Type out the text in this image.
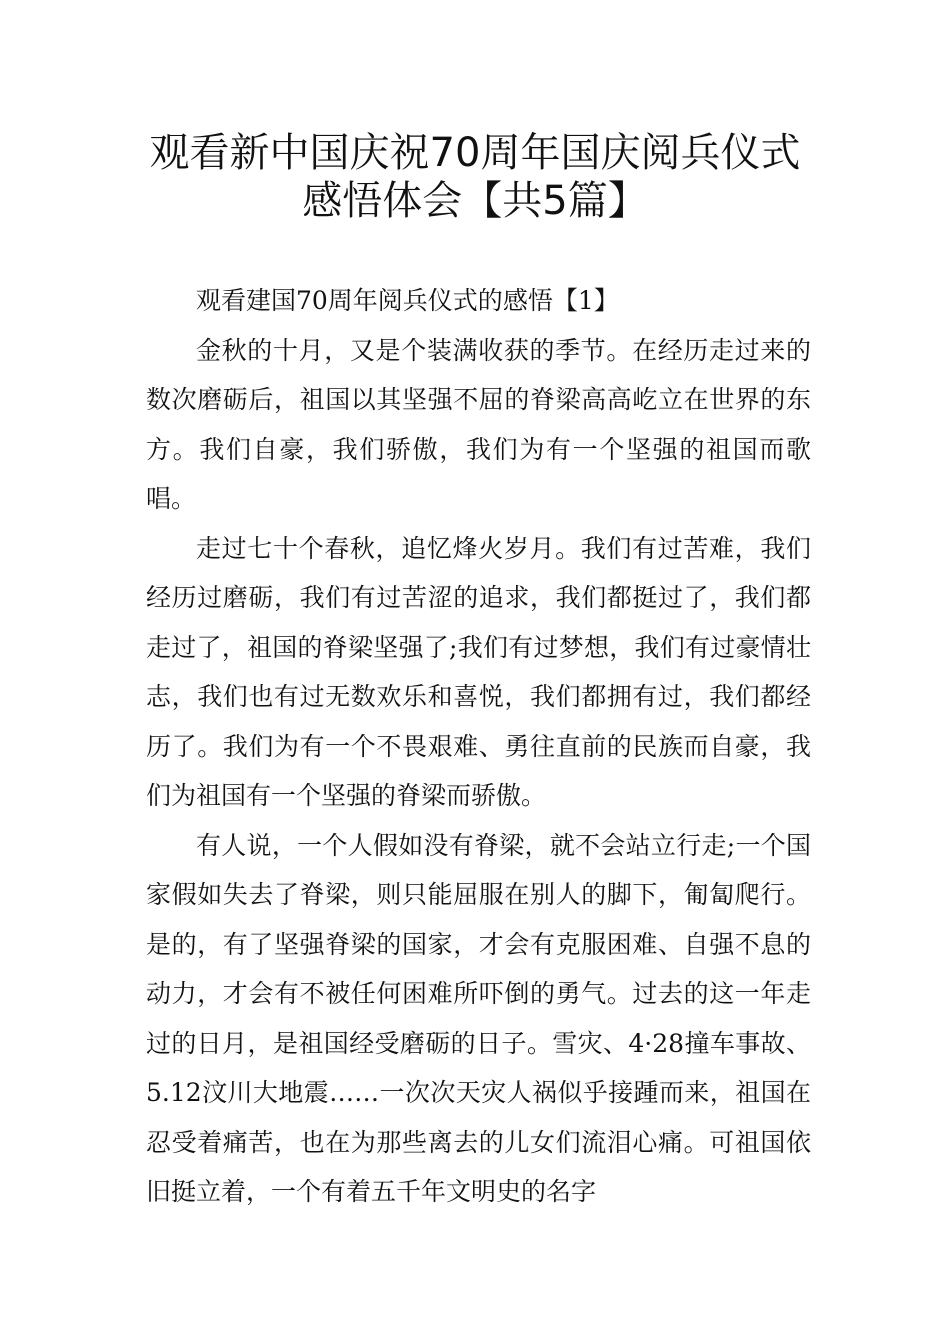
观看新中国庆祝70周年国庆阅兵仪式
感悟体会【共5篇】
观看建国70周年阅兵仪式的感悟【1】

金秋的十月，又是个装满收获的季节。在经历走过来的数次磨砺后，祖国以其坚强不屈的脊梁高高屹立在世界的东方。我们自豪，我们骄傲，我们为有一个坚强的祖国而歌唱。

走过七十个春秋，追忆烽火岁月。我们有过苦难，我们经历过磨砺，我们有过苦涩的追求，我们都挺过了，我们都走过了，祖国的脊梁坚强了;我们有过梦想，我们有过豪情壮志，我们也有过无数欢乐和喜悦，我们都拥有过，我们都经历了。我们为有一个不畏艰难、勇往直前的民族而自豪，我们为祖国有一个坚强的脊梁而骄傲。

有人说，一个人假如没有脊梁，就不会站立行走;一个国家假如失去了脊梁，则只能屈服在别人的脚下，匍匐爬行。是的，有了坚强脊梁的国家，才会有克服困难、自强不息的动力，才会有不被任何困难所吓倒的勇气。过去的这一年走过的日月，是祖国经受磨砺的日子。雪灾、4·28撞车事故、5.12汶川大地震……一次次天灾人祸似乎接踵而来，祖国在忍受着痛苦，也在为那些离去的儿女们流泪心痛。可祖国依旧挺立着，一个有着五千年文明史的名字
